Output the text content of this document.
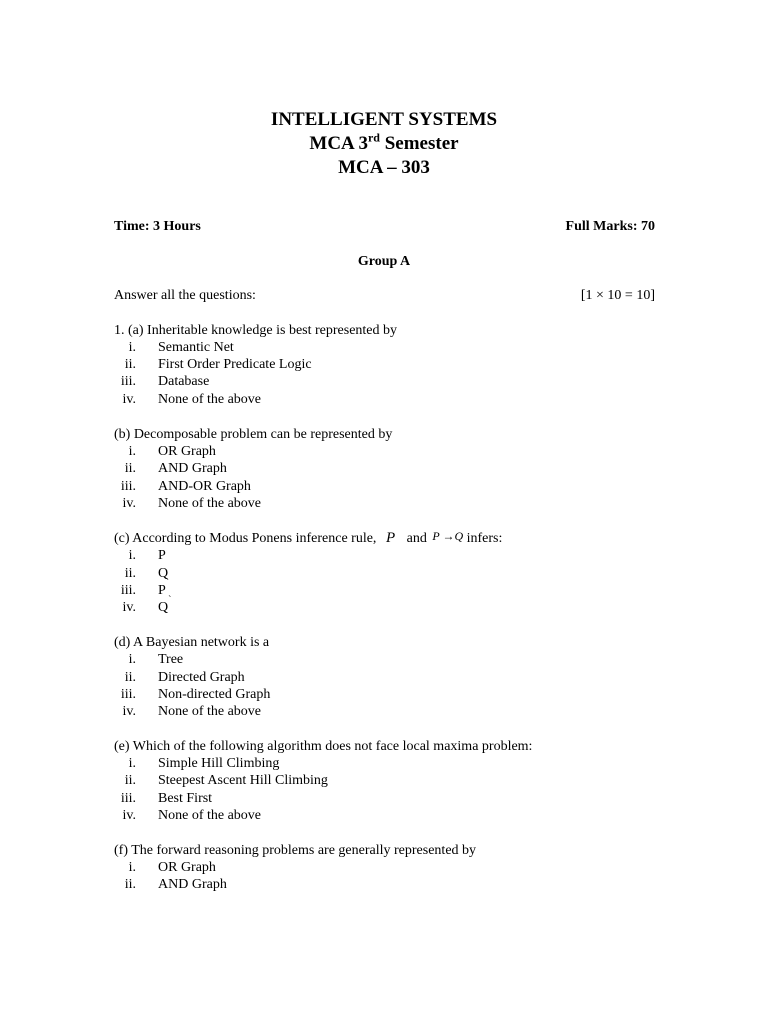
INTELLIGENT SYSTEMS
MCA 3rd Semester
MCA – 303
Time: 3 Hours	Full Marks: 70
Group A
Answer all the questions:	[1 × 10 = 10]
1. (a) Inheritable knowledge is best represented by
i. Semantic Net
ii. First Order Predicate Logic
iii. Database
iv. None of the above
(b) Decomposable problem can be represented by
i. OR Graph
ii. AND Graph
iii. AND-OR Graph
iv. None of the above
(c) According to Modus Ponens inference rule, P and P →Q infers:
i. P
ii. Q
iii. P`
iv. Q`
(d) A Bayesian network is a
i. Tree
ii. Directed Graph
iii. Non-directed Graph
iv. None of the above
(e) Which of the following algorithm does not face local maxima problem:
i. Simple Hill Climbing
ii. Steepest Ascent Hill Climbing
iii. Best First
iv. None of the above
(f) The forward reasoning problems are generally represented by
i. OR Graph
ii. AND Graph
